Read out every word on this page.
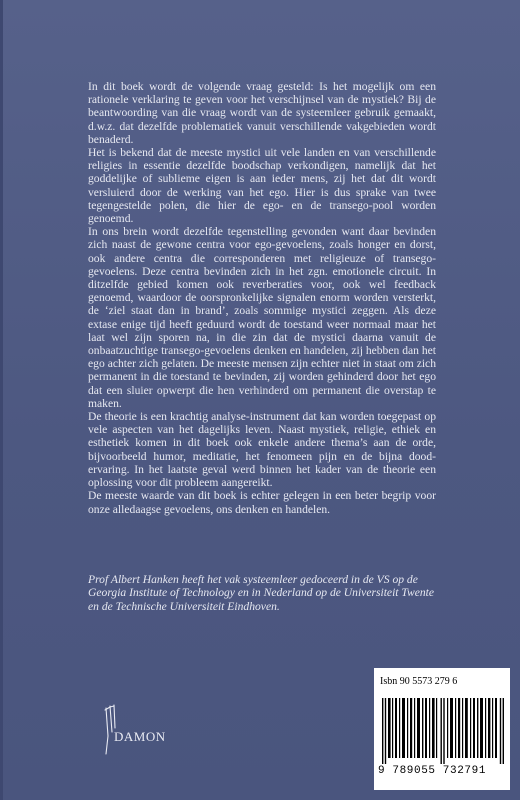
In dit boek wordt de volgende vraag gesteld: Is het mogelijk om een rationele verklaring te geven voor het verschijnsel van de mystiek? Bij de beantwoording van die vraag wordt van de systeemleer gebruik gemaakt, d.w.z. dat dezelfde problematiek vanuit verschillende vakgebieden wordt benaderd.

Het is bekend dat de meeste mystici uit vele landen en van verschillende religies in essentie dezelfde boodschap verkondigen, namelijk dat het goddelijke of sublieme eigen is aan ieder mens, zij het dat dit wordt versluierd door de werking van het ego. Hier is dus sprake van twee tegengestelde polen, die hier de ego- en de transego-pool worden genoemd.

In ons brein wordt dezelfde tegenstelling gevonden want daar bevinden zich naast de gewone centra voor ego-gevoelens, zoals honger en dorst, ook andere centra die corresponderen met religieuze of transego-gevoelens. Deze centra bevinden zich in het zgn. emotionele circuit. In ditzelfde gebied komen ook reverberaties voor, ook wel feedback genoemd, waardoor de oorspronkelijke signalen enorm worden versterkt, de ‘ziel staat dan in brand’, zoals sommige mystici zeggen. Als deze extase enige tijd heeft geduurd wordt de toestand weer normaal maar het laat wel zijn sporen na, in die zin dat de mystici daarna vanuit de onbaatzuchtige transego-gevoelens denken en handelen, zij hebben dan het ego achter zich gelaten. De meeste mensen zijn echter niet in staat om zich permanent in die toestand te bevinden, zij worden gehinderd door het ego dat een sluier opwerpt die hen verhinderd om permanent die overstap te maken.

De theorie is een krachtig analyse-instrument dat kan worden toegepast op vele aspecten van het dagelijks leven. Naast mystiek, religie, ethiek en esthetiek komen in dit boek ook enkele andere thema’s aan de orde, bijvoorbeeld humor, meditatie, het fenomeen pijn en de bijna dood-ervaring. In het laatste geval werd binnen het kader van de theorie een oplossing voor dit probleem aangereikt.

De meeste waarde van dit boek is echter gelegen in een beter begrip voor onze alledaagse gevoelens, ons denken en handelen.

Prof Albert Hanken heeft het vak systeemleer gedoceerd in de VS op de Georgia Institute of Technology en in Nederland op de Universiteit Twente en de Technische Universiteit Eindhoven.
DAMON
Isbn 90 5573 279 6
9 789055 732791
